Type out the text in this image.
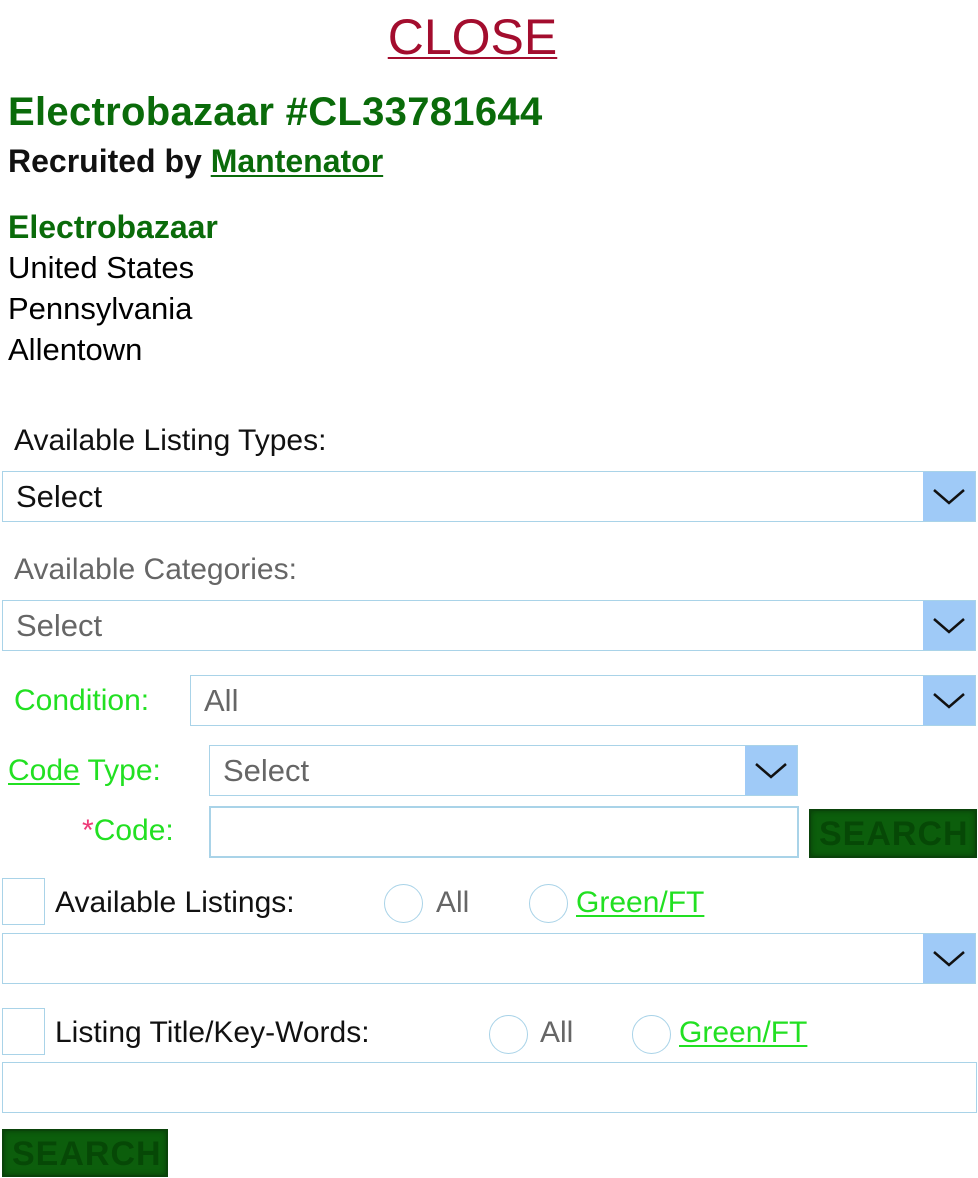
CLOSE
Electrobazaar #CL33781644
Recruited by Mantenator
Electrobazaar
United States
Pennsylvania
Allentown
Available Listing Types:
Select
Available Categories:
Select
Condition: All
Code Type: Select
*Code:	SEARCH
Available Listings:	All	Green/FT
Listing Title/Key-Words:	All	Green/FT
SEARCH
